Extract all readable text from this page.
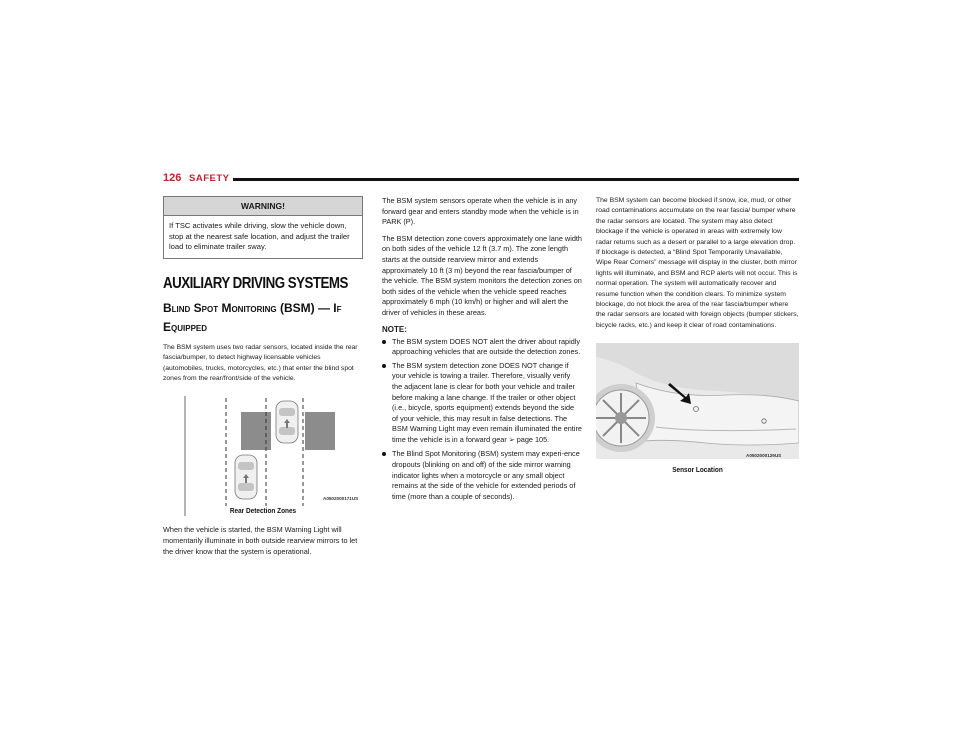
126 SAFETY
WARNING!
If TSC activates while driving, slow the vehicle down, stop at the nearest safe location, and adjust the trailer load to eliminate trailer sway.
AUXILIARY DRIVING SYSTEMS
Blind Spot Monitoring (BSM) — If Equipped

The BSM system uses two radar sensors, located inside the rear fascia/bumper, to detect highway licensable vehicles (automobiles, trucks, motorcycles, etc.) that enter the blind spot zones from the rear/front/side of the vehicle.

A0502000171US
Rear Detection Zones

When the vehicle is started, the BSM Warning Light will momentarily illuminate in both outside rearview mirrors to let the driver know that the system is operational.

The BSM system sensors operate when the vehicle is in any forward gear and enters standby mode when the vehicle is in PARK (P).

The BSM detection zone covers approximately one lane width on both sides of the vehicle 12 ft (3.7 m). The zone length starts at the outside rearview mirror and extends approximately 10 ft (3 m) beyond the rear fascia/bumper of the vehicle. The BSM system monitors the detection zones on both sides of the vehicle when the vehicle speed reaches approximately 6 mph (10 km/h) or higher and will alert the driver of vehicles in these areas.

NOTE:
The BSM system DOES NOT alert the driver about rapidly approaching vehicles that are outside the detection zones.
The BSM system detection zone DOES NOT change if your vehicle is towing a trailer. Therefore, visually verify the adjacent lane is clear for both your vehicle and trailer before making a lane change. If the trailer or other object (i.e., bicycle, sports equipment) extends beyond the side of your vehicle, this may result in false detections. The BSM Warning Light may even remain illuminated the entire time the vehicle is in a forward gear ➢ page 105.
The Blind Spot Monitoring (BSM) system may experi-ence dropouts (blinking on and off) of the side mirror warning indicator lights when a motorcycle or any small object remains at the side of the vehicle for extended periods of time (more than a couple of seconds).

The BSM system can become blocked if snow, ice, mud, or other road contaminations accumulate on the rear fascia/ bumper where the radar sensors are located. The system may also detect blockage if the vehicle is operated in areas with extremely low radar returns such as a desert or parallel to a large elevation drop. If blockage is detected, a “Blind Spot Temporarily Unavailable, Wipe Rear Corners” message will display in the cluster, both mirror lights will illuminate, and BSM and RCP alerts will not occur. This is normal operation. The system will automatically recover and resume function when the condition clears. To minimize system blockage, do not block the area of the rear fascia/bumper where the radar sensors are located with foreign objects (bumper stickers, bicycle racks, etc.) and keep it clear of road contaminations.

A0502000129US
Sensor Location
